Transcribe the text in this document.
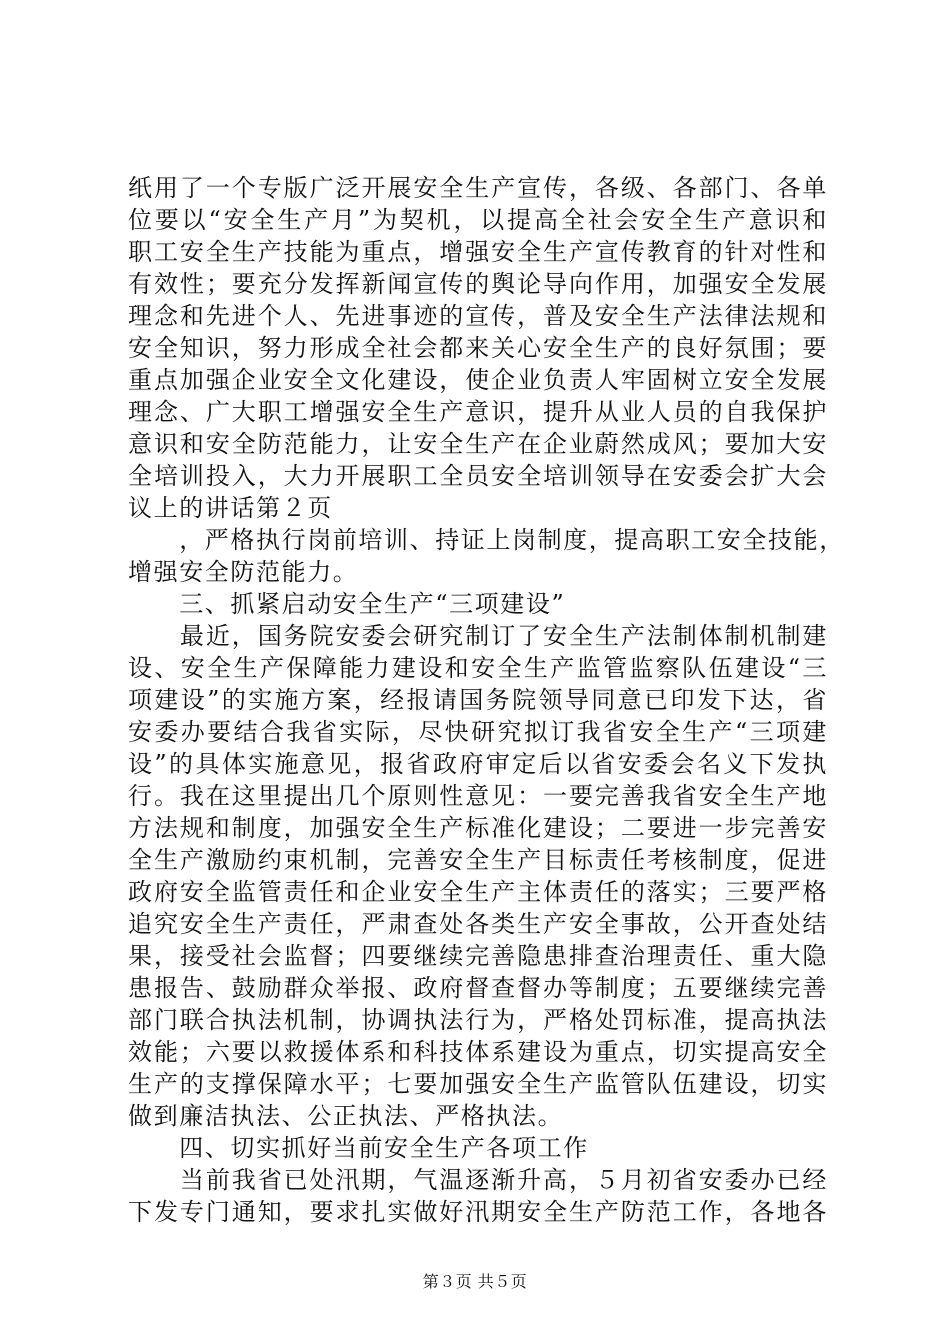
纸用了一个专版广泛开展安全生产宣传，各级、各部门、各单
位要以“安全生产月”为契机，以提高全社会安全生产意识和
职工安全生产技能为重点，增强安全生产宣传教育的针对性和
有效性；要充分发挥新闻宣传的舆论导向作用，加强安全发展
理念和先进个人、先进事迹的宣传，普及安全生产法律法规和
安全知识，努力形成全社会都来关心安全生产的良好氛围；要
重点加强企业安全文化建设，使企业负责人牢固树立安全发展
理念、广大职工增强安全生产意识，提升从业人员的自我保护
意识和安全防范能力，让安全生产在企业蔚然成风；要加大安
全培训投入，大力开展职工全员安全培训领导在安委会扩大会
议上的讲话第２页
　　，严格执行岗前培训、持证上岗制度，提高职工安全技能，
增强安全防范能力。
　　三、抓紧启动安全生产“三项建设”
　　最近，国务院安委会研究制订了安全生产法制体制机制建
设、安全生产保障能力建设和安全生产监管监察队伍建设“三
项建设”的实施方案，经报请国务院领导同意已印发下达，省
安委办要结合我省实际，尽快研究拟订我省安全生产“三项建
设”的具体实施意见，报省政府审定后以省安委会名义下发执
行。我在这里提出几个原则性意见：一要完善我省安全生产地
方法规和制度，加强安全生产标准化建设；二要进一步完善安
全生产激励约束机制，完善安全生产目标责任考核制度，促进
政府安全监管责任和企业安全生产主体责任的落实；三要严格
追究安全生产责任，严肃查处各类生产安全事故，公开查处结
果，接受社会监督；四要继续完善隐患排查治理责任、重大隐
患报告、鼓励群众举报、政府督查督办等制度；五要继续完善
部门联合执法机制，协调执法行为，严格处罚标准，提高执法
效能；六要以救援体系和科技体系建设为重点，切实提高安全
生产的支撑保障水平；七要加强安全生产监管队伍建设，切实
做到廉洁执法、公正执法、严格执法。
　　四、切实抓好当前安全生产各项工作
　　当前我省已处汛期，气温逐渐升高，５月初省安委办已经
下发专门通知，要求扎实做好汛期安全生产防范工作，各地各
第３页 共５页
